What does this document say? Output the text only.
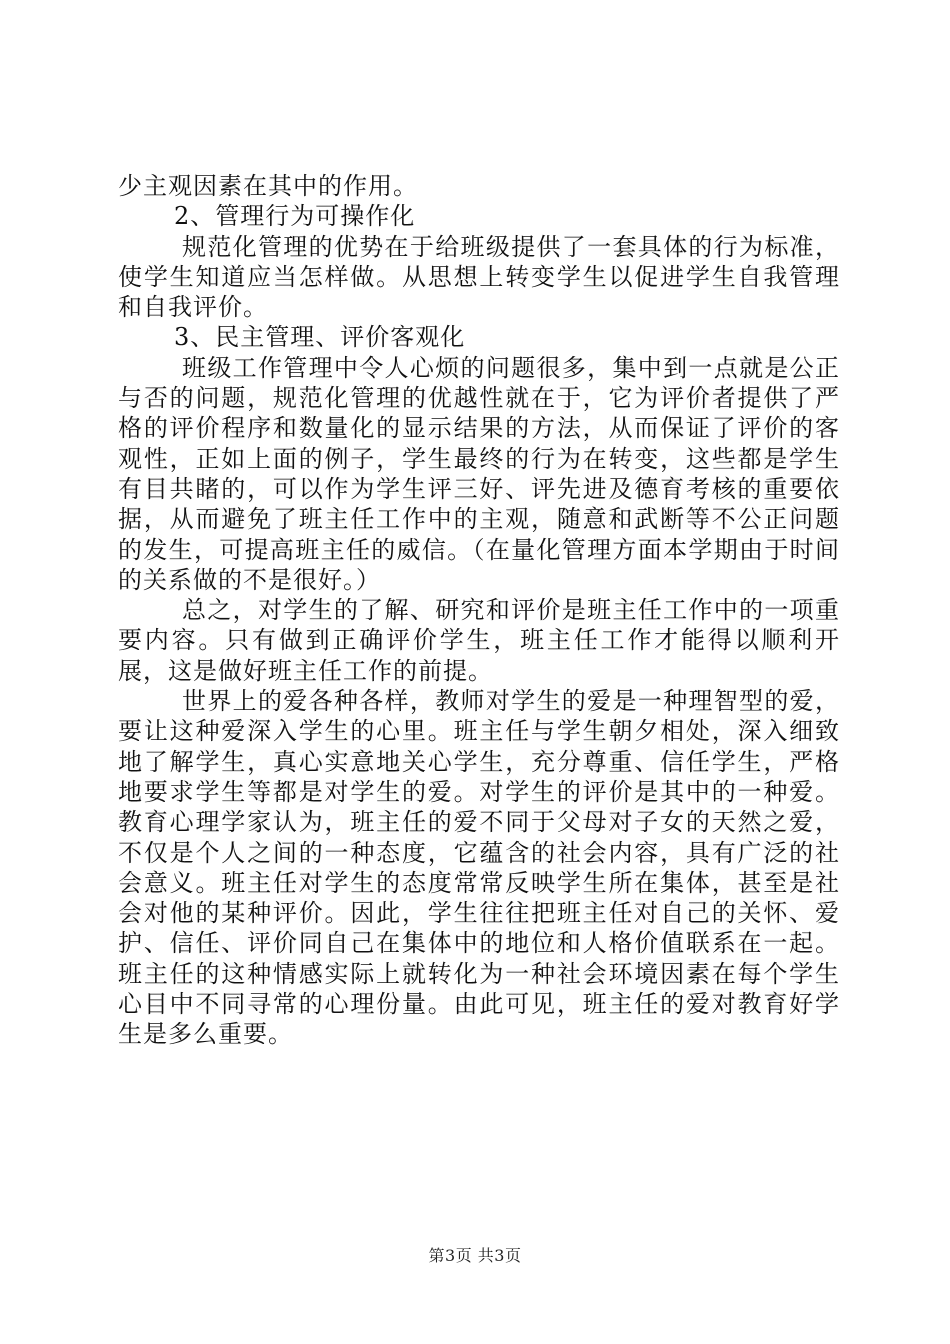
少主观因素在其中的作用。

2、管理行为可操作化

规范化管理的优势在于给班级提供了一套具体的行为标准，使学生知道应当怎样做。从思想上转变学生以促进学生自我管理和自我评价。

3、民主管理、评价客观化

班级工作管理中令人心烦的问题很多，集中到一点就是公正与否的问题，规范化管理的优越性就在于，它为评价者提供了严格的评价程序和数量化的显示结果的方法，从而保证了评价的客观性，正如上面的例子，学生最终的行为在转变，这些都是学生有目共睹的，可以作为学生评三好、评先进及德育考核的重要依据，从而避免了班主任工作中的主观，随意和武断等不公正问题的发生，可提高班主任的威信。（在量化管理方面本学期由于时间的关系做的不是很好。）

总之，对学生的了解、研究和评价是班主任工作中的一项重要内容。只有做到正确评价学生，班主任工作才能得以顺利开展，这是做好班主任工作的前提。

世界上的爱各种各样，教师对学生的爱是一种理智型的爱，要让这种爱深入学生的心里。班主任与学生朝夕相处，深入细致地了解学生，真心实意地关心学生，充分尊重、信任学生，严格地要求学生等都是对学生的爱。对学生的评价是其中的一种爱。教育心理学家认为，班主任的爱不同于父母对子女的天然之爱，不仅是个人之间的一种态度，它蕴含的社会内容，具有广泛的社会意义。班主任对学生的态度常常反映学生所在集体，甚至是社会对他的某种评价。因此，学生往往把班主任对自己的关怀、爱护、信任、评价同自己在集体中的地位和人格价值联系在一起。班主任的这种情感实际上就转化为一种社会环境因素在每个学生心目中不同寻常的心理份量。由此可见，班主任的爱对教育好学生是多么重要。

第3页 共3页
